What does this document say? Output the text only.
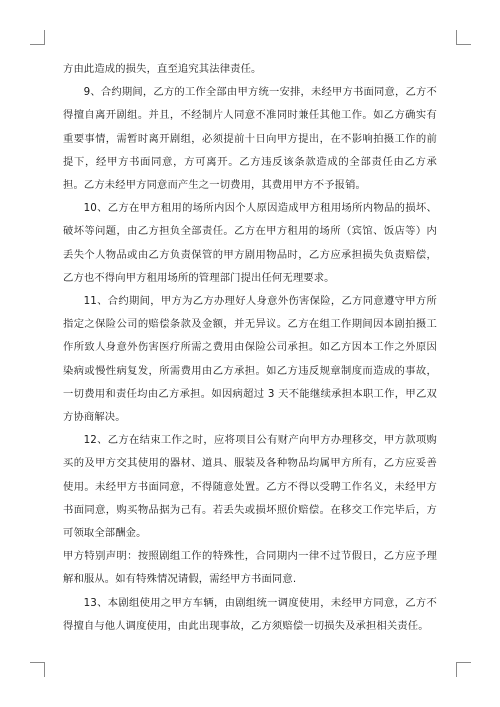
方由此造成的损失，直至追究其法律责任。

9、合约期间，乙方的工作全部由甲方统一安排，未经甲方书面同意，乙方不得擅自离开剧组。并且，不经制片人同意不准同时兼任其他工作。如乙方确实有重要事情，需暂时离开剧组，必须提前十日向甲方提出，在不影响拍摄工作的前提下，经甲方书面同意，方可离开。乙方违反该条款造成的全部责任由乙方承担。乙方未经甲方同意而产生之一切费用，其费用甲方不予报销。

10、乙方在甲方租用的场所内因个人原因造成甲方租用场所内物品的损坏、破坏等问题，由乙方担负全部责任。乙方在甲方租用的场所（宾馆、饭店等）内丢失个人物品或由乙方负责保管的甲方剧用物品时，乙方应承担损失负责赔偿，乙方也不得向甲方租用场所的管理部门提出任何无理要求。

11、合约期间，甲方为乙方办理好人身意外伤害保险，乙方同意遵守甲方所指定之保险公司的赔偿条款及金额，并无异议。乙方在组工作期间因本剧拍摄工作所致人身意外伤害医疗所需之费用由保险公司承担。如乙方因本工作之外原因染病或慢性病复发，所需费用由乙方承担。如乙方违反规章制度而造成的事故，一切费用和责任均由乙方承担。如因病超过 3 天不能继续承担本职工作，甲乙双方协商解决。

12、乙方在结束工作之时，应将项目公有财产向甲方办理移交，甲方款项购买的及甲方交其使用的器材、道具、服装及各种物品均属甲方所有，乙方应妥善使用。未经甲方书面同意，不得随意处置。乙方不得以受聘工作名义，未经甲方书面同意，购买物品据为己有。若丢失或损坏照价赔偿。在移交工作完毕后，方可领取全部酬金。

甲方特别声明：按照剧组工作的特殊性，合同期内一律不过节假日，乙方应予理解和服从。如有特殊情况请假，需经甲方书面同意.

13、本剧组使用之甲方车辆，由剧组统一调度使用，未经甲方同意，乙方不得擅自与他人调度使用，由此出现事故，乙方须赔偿一切损失及承担相关责任。
